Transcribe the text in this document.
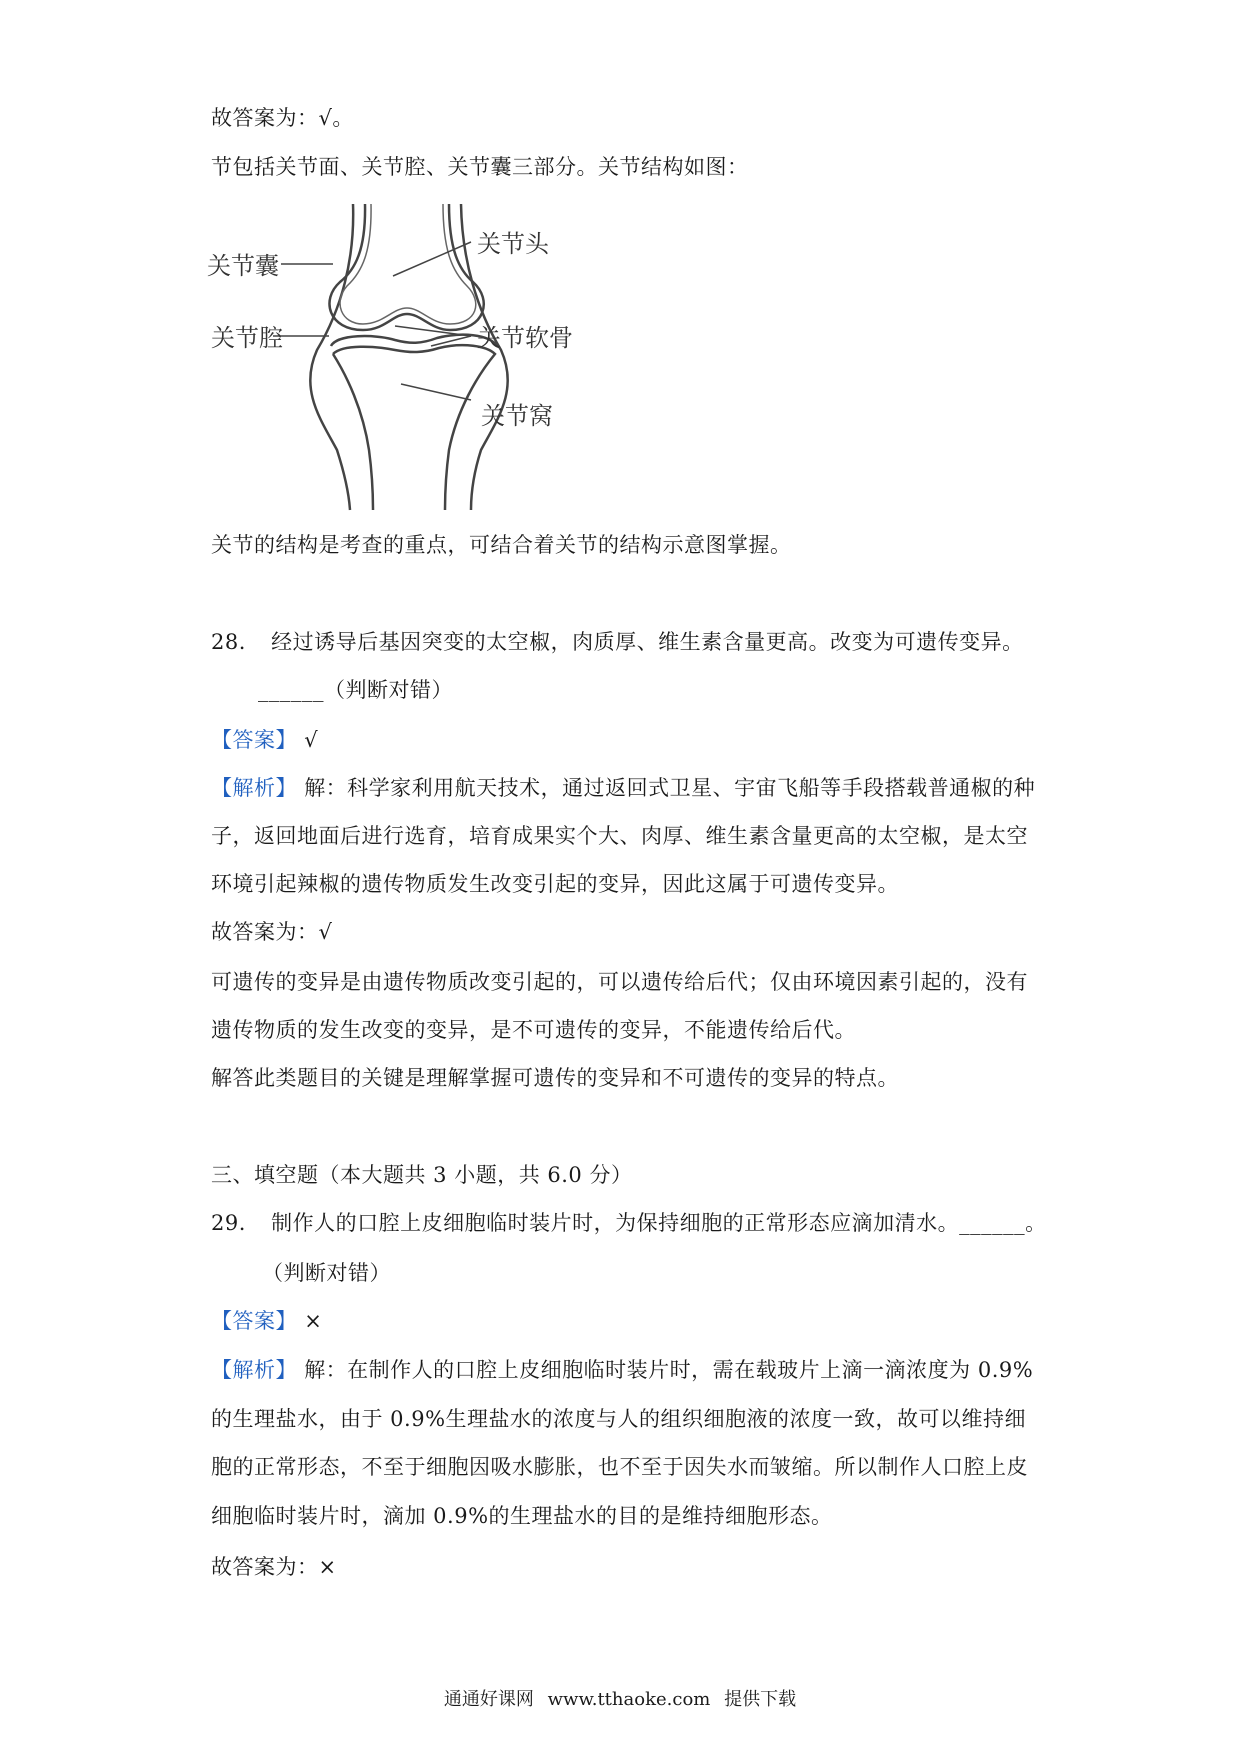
故答案为：√。
节包括关节面、关节腔、关节囊三部分。关节结构如图：
关节囊
关节腔
关节头
关节软骨
关节窝
关节的结构是考查的重点，可结合着关节的结构示意图掌握。
28. 经过诱导后基因突变的太空椒，肉质厚、维生素含量更高。改变为可遗传变异。
______（判断对错）
【答案】 √
【解析】 解：科学家利用航天技术，通过返回式卫星、宇宙飞船等手段搭载普通椒的种
子，返回地面后进行选育，培育成果实个大、肉厚、维生素含量更高的太空椒，是太空
环境引起辣椒的遗传物质发生改变引起的变异，因此这属于可遗传变异。
故答案为：√
可遗传的变异是由遗传物质改变引起的，可以遗传给后代；仅由环境因素引起的，没有
遗传物质的发生改变的变异，是不可遗传的变异，不能遗传给后代。
解答此类题目的关键是理解掌握可遗传的变异和不可遗传的变异的特点。
三、填空题（本大题共 3 小题，共 6.0 分）
29. 制作人的口腔上皮细胞临时装片时，为保持细胞的正常形态应滴加清水。______。
（判断对错）
【答案】 ×
【解析】 解：在制作人的口腔上皮细胞临时装片时，需在载玻片上滴一滴浓度为 0.9%
的生理盐水，由于 0.9%生理盐水的浓度与人的组织细胞液的浓度一致，故可以维持细
胞的正常形态，不至于细胞因吸水膨胀，也不至于因失水而皱缩。所以制作人口腔上皮
细胞临时装片时，滴加 0.9%的生理盐水的目的是维持细胞形态。
故答案为：×
通通好课网 www.tthaoke.com 提供下载
